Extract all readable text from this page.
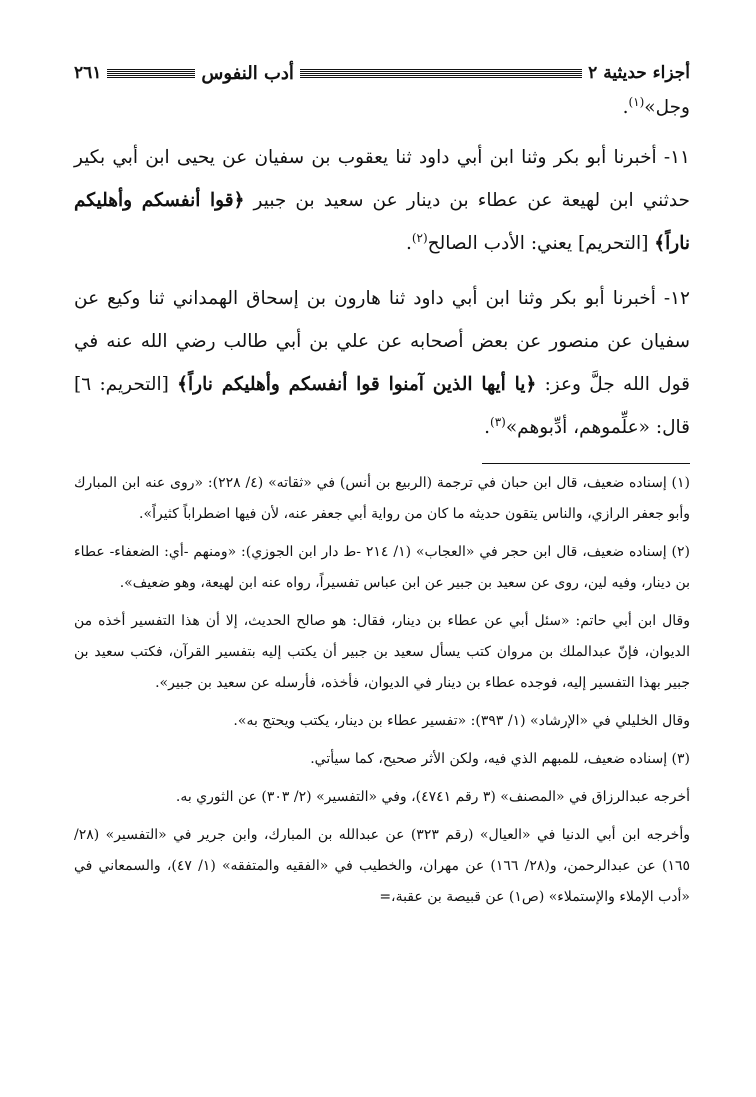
أجزاء حديثية ٢
أدب النفوس
٢٦١

وجل»$^{(١)}$.

١١- أخبرنا أبو بكر وثنا ابن أبي داود ثنا يعقوب بن سفيان عن يحيى ابن أبي بكير حدثني ابن لهيعة عن عطاء بن دينار عن سعيد بن جبير ﴿قوا أنفسكم وأهليكم ناراً﴾ [التحريم] يعني: الأدب الصالح$^{(٢)}$.

١٢- أخبرنا أبو بكر وثنا ابن أبي داود ثنا هارون بن إسحاق الهمداني ثنا وكيع عن سفيان عن منصور عن بعض أصحابه عن علي بن أبي طالب رضي الله عنه في قول الله جلَّ وعز: ﴿يا أيها الذين آمنوا قوا أنفسكم وأهليكم ناراً﴾ [التحريم: ٦] قال: «علِّموهم، أدِّبوهم»$^{(٣)}$.

(١) إسناده ضعيف، قال ابن حبان في ترجمة (الربيع بن أنس) في «ثقاته» (٤/ ٢٢٨): «روى عنه ابن المبارك وأبو جعفر الرازي، والناس يتقون حديثه ما كان من رواية أبي جعفر عنه، لأن فيها اضطراباً كثيراً».

(٢) إسناده ضعيف، قال ابن حجر في «العجاب» (١/ ٢١٤ -ط دار ابن الجوزي): «ومنهم -أي: الضعفاء- عطاء بن دينار، وفيه لين، روى عن سعيد بن جبير عن ابن عباس تفسيراً، رواه عنه ابن لهيعة، وهو ضعيف».

وقال ابن أبي حاتم: «سئل أبي عن عطاء بن دينار، فقال: هو صالح الحديث، إلا أن هذا التفسير أخذه من الديوان، فإنّ عبدالملك بن مروان كتب يسأل سعيد بن جبير أن يكتب إليه بتفسير القرآن، فكتب سعيد بن جبير بهذا التفسير إليه، فوجده عطاء بن دينار في الديوان، فأخذه، فأرسله عن سعيد بن جبير».

وقال الخليلي في «الإرشاد» (١/ ٣٩٣): «تفسير عطاء بن دينار، يكتب ويحتج به».

(٣) إسناده ضعيف، للمبهم الذي فيه، ولكن الأثر صحيح، كما سيأتي.

أخرجه عبدالرزاق في «المصنف» (٣ رقم ٤٧٤١)، وفي «التفسير» (٢/ ٣٠٣) عن الثوري به.

وأخرجه ابن أبي الدنيا في «العيال» (رقم ٣٢٣) عن عبدالله بن المبارك، وابن جرير في «التفسير» (٢٨/ ١٦٥) عن عبدالرحمن، و(٢٨/ ١٦٦) عن مهران، والخطيب في «الفقيه والمتفقه» (١/ ٤٧)، والسمعاني في «أدب الإملاء والإستملاء» (ص١) عن قبيصة بن عقبة،=
